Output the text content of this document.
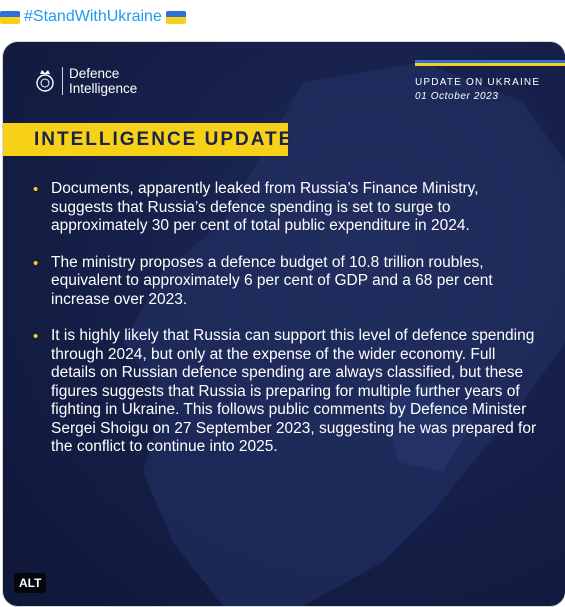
#StandWithUkraine
Defence
Intelligence	UPDATE ON UKRAINE
01 October 2023
INTELLIGENCE UPDATE
• Documents, apparently leaked from Russia’s Finance Ministry, suggests that Russia’s defence spending is set to surge to approximately 30 per cent of total public expenditure in 2024.
• The ministry proposes a defence budget of 10.8 trillion roubles, equivalent to approximately 6 per cent of GDP and a 68 per cent increase over 2023.
• It is highly likely that Russia can support this level of defence spending through 2024, but only at the expense of the wider economy. Full details on Russian defence spending are always classified, but these figures suggests that Russia is preparing for multiple further years of fighting in Ukraine. This follows public comments by Defence Minister Sergei Shoigu on 27 September 2023, suggesting he was prepared for the conflict to continue into 2025.
ALT
